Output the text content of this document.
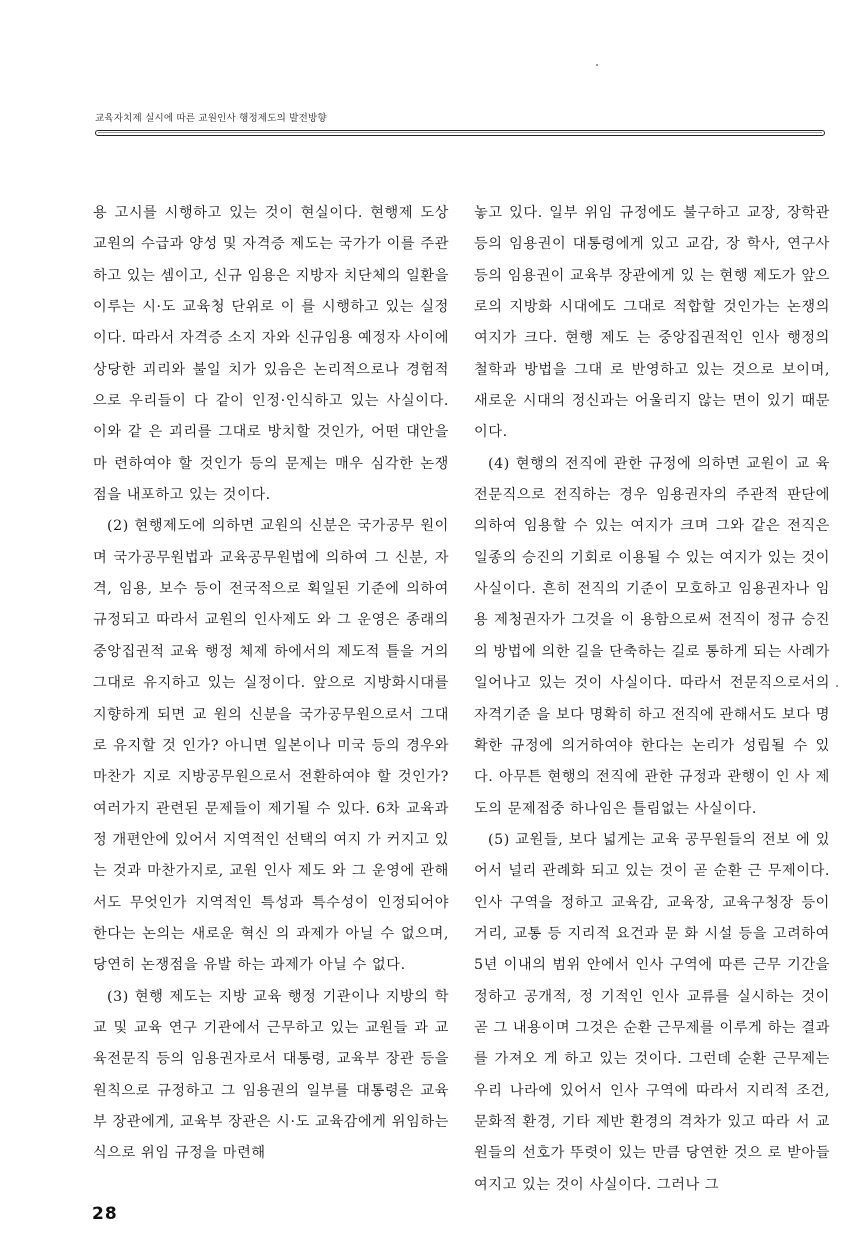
교육자치제 실시에 따른 교원인사 행정제도의 발전방향

용 고시를 시행하고 있는 것이 현실이다. 현행제 도상 교원의 수급과 양성 및 자격증 제도는 국가가 이를 주관하고 있는 셈이고, 신규 임용은 지방자 치단체의 일환을 이루는 시·도 교육청 단위로 이 를 시행하고 있는 실정이다. 따라서 자격증 소지 자와 신규임용 예정자 사이에 상당한 괴리와 불일 치가 있음은 논리적으로나 경험적으로 우리들이 다 같이 인정·인식하고 있는 사실이다. 이와 같 은 괴리를 그대로 방치할 것인가, 어떤 대안을 마 련하여야 할 것인가 등의 문제는 매우 심각한 논쟁 점을 내포하고 있는 것이다.

(2) 현행제도에 의하면 교원의 신분은 국가공무 원이며 국가공무원법과 교육공무원법에 의하여 그 신분, 자격, 임용, 보수 등이 전국적으로 획일된 기준에 의하여 규정되고 따라서 교원의 인사제도 와 그 운영은 종래의 중앙집권적 교육 행정 체제 하에서의 제도적 틀을 거의 그대로 유지하고 있는 실정이다. 앞으로 지방화시대를 지향하게 되면 교 원의 신분을 국가공무원으로서 그대로 유지할 것 인가? 아니면 일본이나 미국 등의 경우와 마찬가 지로 지방공무원으로서 전환하여야 할 것인가? 여러가지 관련된 문제들이 제기될 수 있다. 6차 교육과정 개편안에 있어서 지역적인 선택의 여지 가 커지고 있는 것과 마찬가지로, 교원 인사 제도 와 그 운영에 관해서도 무엇인가 지역적인 특성과 특수성이 인정되어야 한다는 논의는 새로운 혁신 의 과제가 아닐 수 없으며, 당연히 논쟁점을 유발 하는 과제가 아닐 수 없다.

(3) 현행 제도는 지방 교육 행정 기관이나 지방의 학교 및 교육 연구 기관에서 근무하고 있는 교원들 과 교육전문직 등의 임용권자로서 대통령, 교육부 장관 등을 원칙으로 규정하고 그 임용권의 일부를 대통령은 교육부 장관에게, 교육부 장관은 시·도 교육감에게 위임하는 식으로 위임 규정을 마련해

놓고 있다. 일부 위임 규정에도 불구하고 교장, 장학관 등의 임용권이 대통령에게 있고 교감, 장 학사, 연구사 등의 임용권이 교육부 장관에게 있 는 현행 제도가 앞으로의 지방화 시대에도 그대로 적합할 것인가는 논쟁의 여지가 크다. 현행 제도 는 중앙집권적인 인사 행정의 철학과 방법을 그대 로 반영하고 있는 것으로 보이며, 새로운 시대의 정신과는 어울리지 않는 면이 있기 때문이다.

(4) 현행의 전직에 관한 규정에 의하면 교원이 교 육 전문직으로 전직하는 경우 임용권자의 주관적 판단에 의하여 임용할 수 있는 여지가 크며 그와 같은 전직은 일종의 승진의 기회로 이용될 수 있는 여지가 있는 것이 사실이다. 흔히 전직의 기준이 모호하고 임용권자나 임용 제청권자가 그것을 이 용함으로써 전직이 정규 승진의 방법에 의한 길을 단축하는 길로 통하게 되는 사례가 일어나고 있는 것이 사실이다. 따라서 전문직으로서의 자격기준 을 보다 명확히 하고 전직에 관해서도 보다 명확한 규정에 의거하여야 한다는 논리가 성립될 수 있 다. 아무튼 현행의 전직에 관한 규정과 관행이 인 사 제도의 문제점중 하나임은 틀림없는 사실이다.

(5) 교원들, 보다 넓게는 교육 공무원들의 전보 에 있어서 널리 관례화 되고 있는 것이 곧 순환 근 무제이다. 인사 구역을 정하고 교육감, 교육장, 교육구청장 등이 거리, 교통 등 지리적 요건과 문 화 시설 등을 고려하여 5년 이내의 범위 안에서 인사 구역에 따른 근무 기간을 정하고 공개적, 정 기적인 인사 교류를 실시하는 것이 곧 그 내용이며 그것은 순환 근무제를 이루게 하는 결과를 가져오 게 하고 있는 것이다. 그런데 순환 근무제는 우리 나라에 있어서 인사 구역에 따라서 지리적 조건, 문화적 환경, 기타 제반 환경의 격차가 있고 따라 서 교원들의 선호가 뚜렷이 있는 만큼 당연한 것으 로 받아들여지고 있는 것이 사실이다. 그러나 그

28
